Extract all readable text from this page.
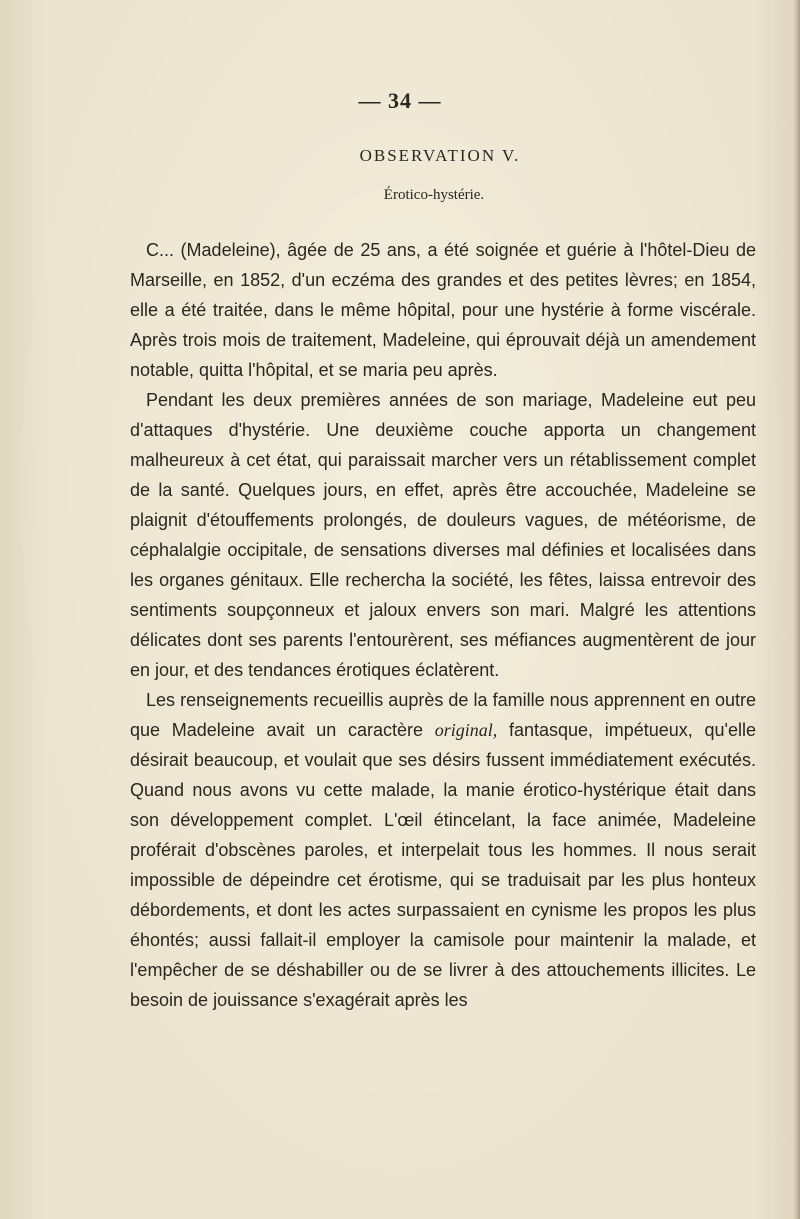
— 34 —
OBSERVATION V.
Érotico-hystérie.

C... (Madeleine), âgée de 25 ans, a été soignée et guérie à l'hôtel-Dieu de Marseille, en 1852, d'un eczéma des grandes et des petites lèvres; en 1854, elle a été traitée, dans le même hôpital, pour une hystérie à forme viscérale. Après trois mois de traitement, Madeleine, qui éprouvait déjà un amendement notable, quitta l'hôpital, et se maria peu après.

Pendant les deux premières années de son mariage, Madeleine eut peu d'attaques d'hystérie. Une deuxième couche apporta un changement malheureux à cet état, qui paraissait marcher vers un rétablissement complet de la santé. Quelques jours, en effet, après être accouchée, Madeleine se plaignit d'étouffements prolongés, de douleurs vagues, de météorisme, de céphalalgie occipitale, de sensations diverses mal définies et localisées dans les organes génitaux. Elle rechercha la société, les fêtes, laissa entrevoir des sentiments soupçonneux et jaloux envers son mari. Malgré les attentions délicates dont ses parents l'entourèrent, ses méfiances augmentèrent de jour en jour, et des tendances érotiques éclatèrent.

Les renseignements recueillis auprès de la famille nous apprennent en outre que Madeleine avait un caractère original, fantasque, impétueux, qu'elle désirait beaucoup, et voulait que ses désirs fussent immédiatement exécutés. Quand nous avons vu cette malade, la manie érotico-hystérique était dans son développement complet. L'œil étincelant, la face animée, Madeleine proférait d'obscènes paroles, et interpelait tous les hommes. Il nous serait impossible de dépeindre cet érotisme, qui se traduisait par les plus honteux débordements, et dont les actes surpassaient en cynisme les propos les plus éhontés; aussi fallait-il employer la camisole pour maintenir la malade, et l'empêcher de se déshabiller ou de se livrer à des attouchements illicites. Le besoin de jouissance s'exagérait après les
